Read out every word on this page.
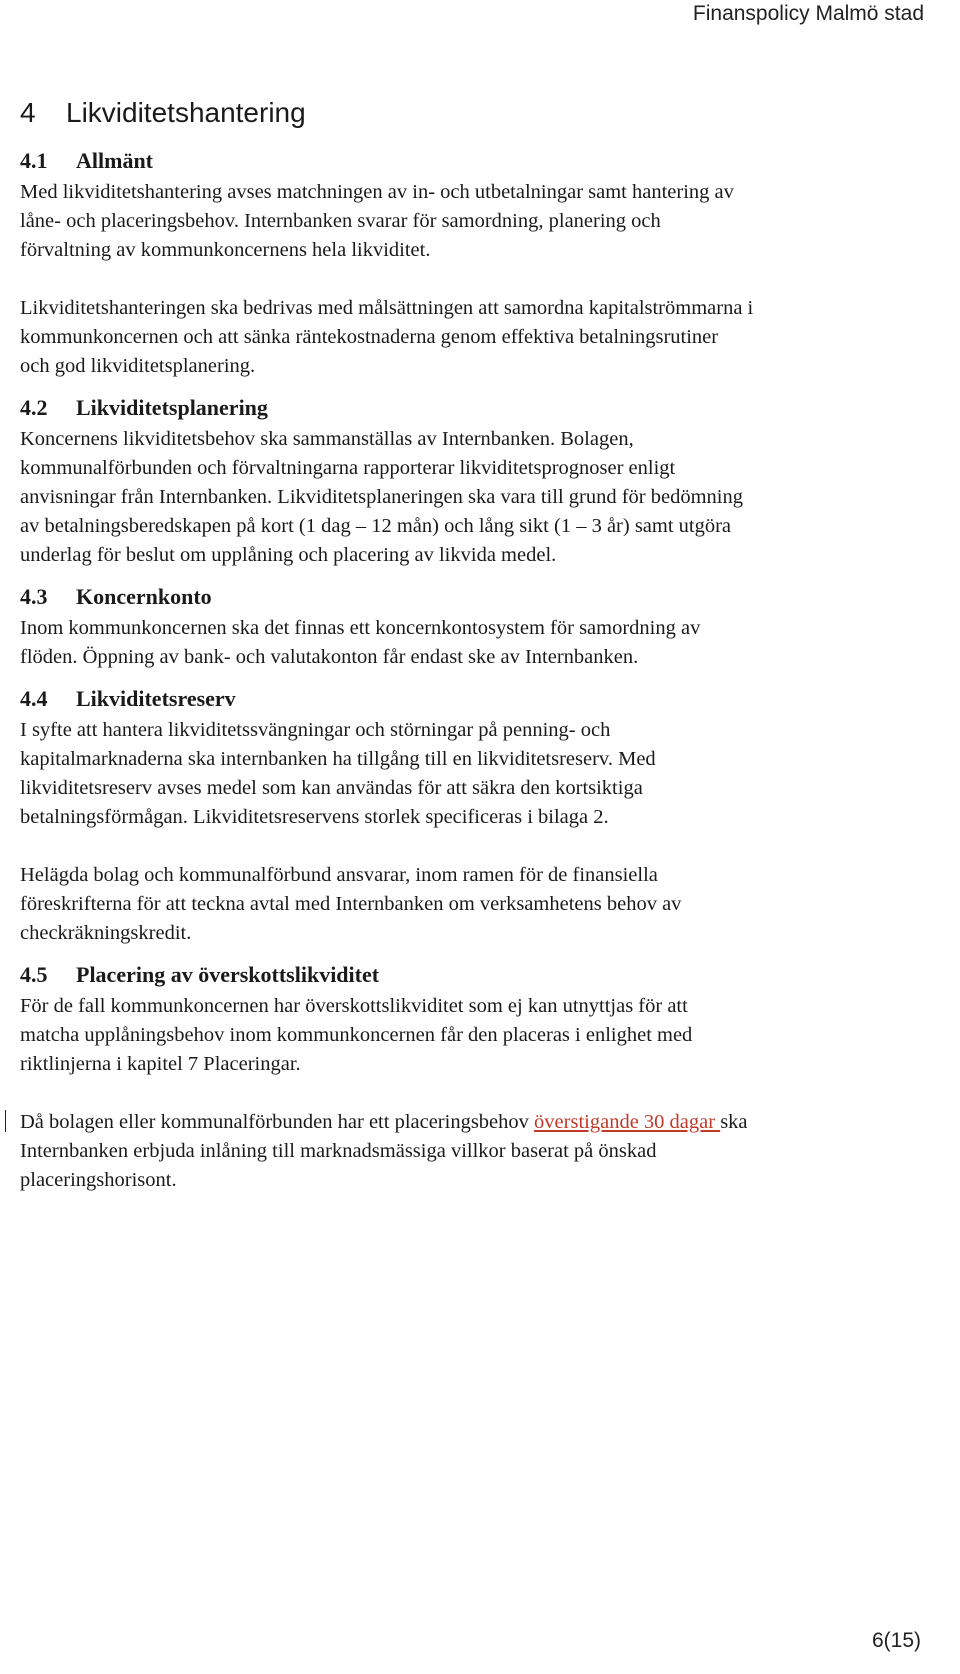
Finanspolicy Malmö stad
4 Likviditetshantering
4.1 Allmänt

Med likviditetshantering avses matchningen av in- och utbetalningar samt hantering av
låne- och placeringsbehov. Internbanken svarar för samordning, planering och
förvaltning av kommunkoncernens hela likviditet.

Likviditetshanteringen ska bedrivas med målsättningen att samordna kapitalströmmarna i
kommunkoncernen och att sänka räntekostnaderna genom effektiva betalningsrutiner
och god likviditetsplanering.

4.2 Likviditetsplanering

Koncernens likviditetsbehov ska sammanställas av Internbanken. Bolagen,
kommunalförbunden och förvaltningarna rapporterar likviditetsprognoser enligt
anvisningar från Internbanken. Likviditetsplaneringen ska vara till grund för bedömning
av betalningsberedskapen på kort (1 dag – 12 mån) och lång sikt (1 – 3 år) samt utgöra
underlag för beslut om upplåning och placering av likvida medel.

4.3 Koncernkonto

Inom kommunkoncernen ska det finnas ett koncernkontosystem för samordning av
flöden. Öppning av bank- och valutakonton får endast ske av Internbanken.

4.4 Likviditetsreserv

I syfte att hantera likviditetssvängningar och störningar på penning- och
kapitalmarknaderna ska internbanken ha tillgång till en likviditetsreserv. Med
likviditetsreserv avses medel som kan användas för att säkra den kortsiktiga
betalningsförmågan. Likviditetsreservens storlek specificeras i bilaga 2.

Helägda bolag och kommunalförbund ansvarar, inom ramen för de finansiella
föreskrifterna för att teckna avtal med Internbanken om verksamhetens behov av
checkräkningskredit.

4.5 Placering av överskottslikviditet

För de fall kommunkoncernen har överskottslikviditet som ej kan utnyttjas för att
matcha upplåningsbehov inom kommunkoncernen får den placeras i enlighet med
riktlinjerna i kapitel 7 Placeringar.

Då bolagen eller kommunalförbunden har ett placeringsbehov överstigande 30 dagar ska
Internbanken erbjuda inlåning till marknadsmässiga villkor baserat på önskad
placeringshorisont.

6(15)
